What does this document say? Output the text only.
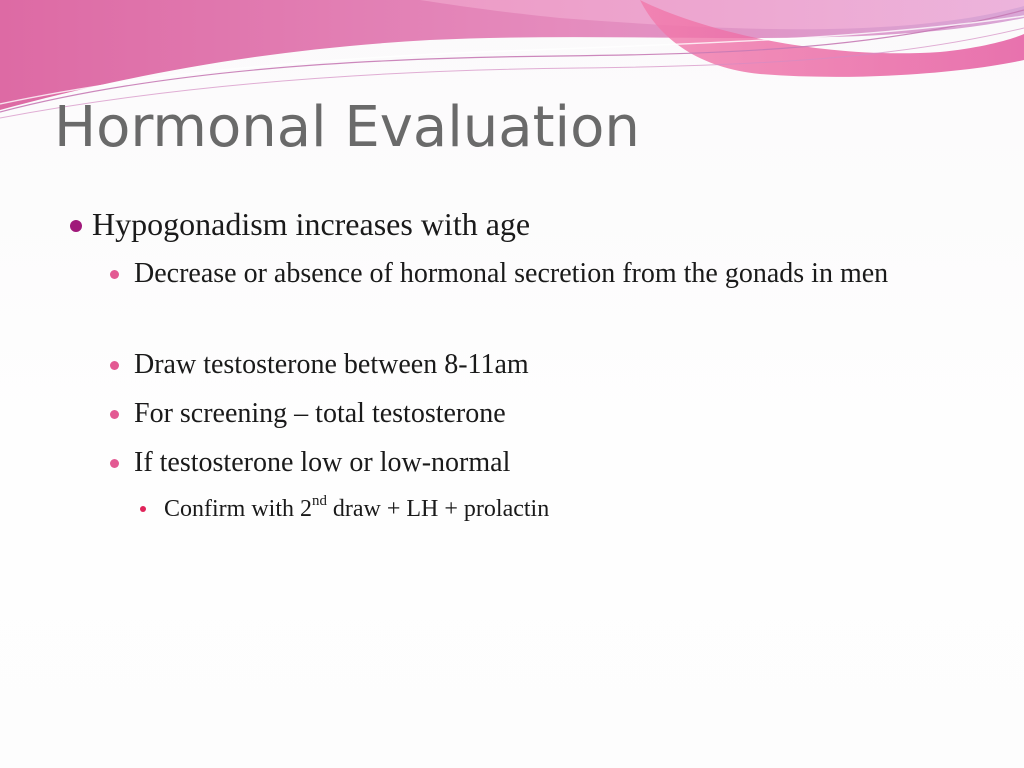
Hormonal Evaluation
Hypogonadism increases with age
Decrease or absence of hormonal secretion from the gonads in men
Draw testosterone between 8-11am
For screening – total testosterone
If testosterone low or low-normal
Confirm with 2nd draw + LH + prolactin
